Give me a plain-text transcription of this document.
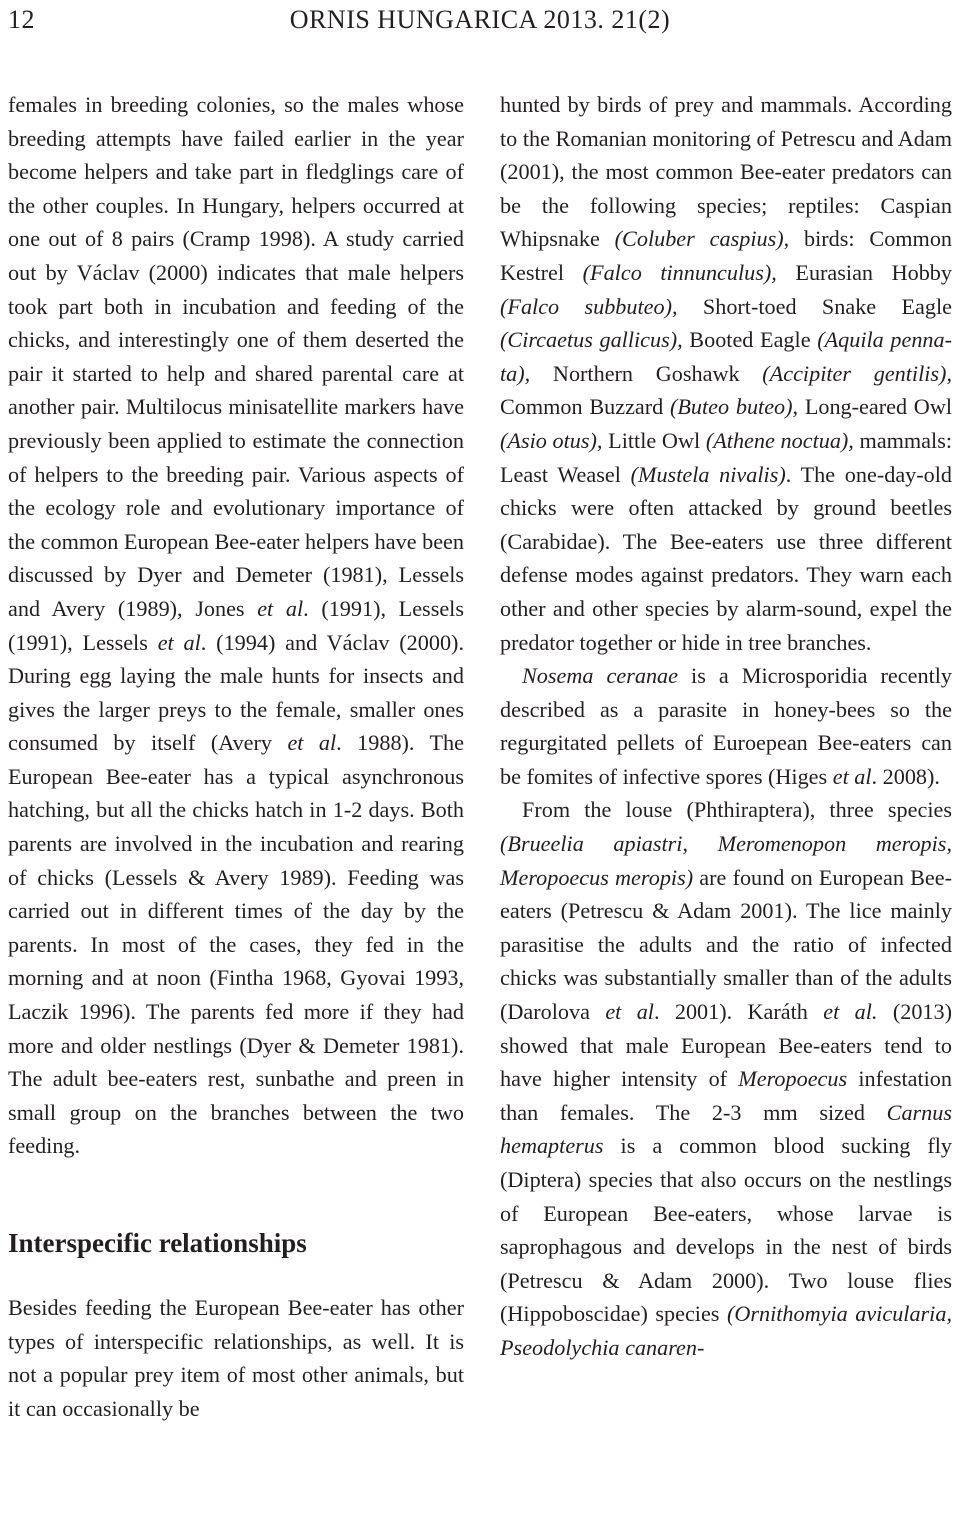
12	ORNIS HUNGARICA 2013. 21(2)

females in breeding colonies, so the males whose breeding attempts have failed earlier in the year become helpers and take part in fledglings care of the other couples. In Hungary, helpers occurred at one out of 8 pairs (Cramp 1998). A study carried out by Václav (2000) indicates that male helpers took part both in incubation and feeding of the chicks, and interestingly one of them deserted the pair it started to help and shared parental care at another pair. Multilocus minisatellite markers have previously been applied to estimate the connection of helpers to the breeding pair. Various aspects of the ecology role and evolutionary importance of the common European Bee-eater helpers have been discussed by Dyer and Demeter (1981), Lessels and Avery (1989), Jones et al. (1991), Lessels (1991), Lessels et al. (1994) and Václav (2000). During egg laying the male hunts for insects and gives the larger preys to the female, smaller ones consumed by itself (Avery et al. 1988). The European Bee-eater has a typical asynchronous hatching, but all the chicks hatch in 1-2 days. Both parents are involved in the incubation and rearing of chicks (Lessels & Avery 1989). Feeding was carried out in different times of the day by the parents. In most of the cases, they fed in the morning and at noon (Fintha 1968, Gyovai 1993, Laczik 1996). The parents fed more if they had more and older nestlings (Dyer & Demeter 1981). The adult bee-eaters rest, sunbathe and preen in small group on the branches between the two feeding.

Interspecific relationships

Besides feeding the European Bee-eater has other types of interspecific relationships, as well. It is not a popular prey item of most other animals, but it can occasionally be

hunted by birds of prey and mammals. According to the Romanian monitoring of Petrescu and Adam (2001), the most common Bee-eater predators can be the following species; reptiles: Caspian Whipsnake (Coluber caspius), birds: Common Kestrel (Falco tinnunculus), Eurasian Hobby (Falco subbuteo), Short-toed Snake Eagle (Circaetus gallicus), Booted Eagle (Aquila pennata), Northern Goshawk (Accipiter gentilis), Common Buzzard (Buteo buteo), Long-eared Owl (Asio otus), Little Owl (Athene noctua), mammals: Least Weasel (Mustela nivalis). The one-day-old chicks were often attacked by ground beetles (Carabidae). The Bee-eaters use three different defense modes against predators. They warn each other and other species by alarm-sound, expel the predator together or hide in tree branches.

Nosema ceranae is a Microsporidia recently described as a parasite in honey-bees so the regurgitated pellets of Euroepean Bee-eaters can be fomites of infective spores (Higes et al. 2008).

From the louse (Phthiraptera), three species (Brueelia apiastri, Meromenopon meropis, Meropoecus meropis) are found on European Bee-eaters (Petrescu & Adam 2001). The lice mainly parasitise the adults and the ratio of infected chicks was substantially smaller than of the adults (Darolova et al. 2001). Karáth et al. (2013) showed that male European Bee-eaters tend to have higher intensity of Meropoecus infestation than females. The 2-3 mm sized Carnus hemapterus is a common blood sucking fly (Diptera) species that also occurs on the nestlings of European Bee-eaters, whose larvae is saprophagous and develops in the nest of birds (Petrescu & Adam 2000). Two louse flies (Hippoboscidae) species (Ornithomyia avicularia, Pseodolychia canaren-
